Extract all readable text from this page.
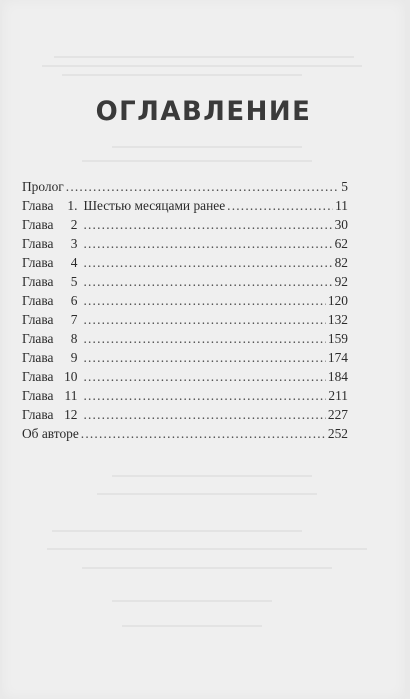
ОГЛАВЛЕНИЕ
Пролог .....	5
Глава	1. Шестью месяцами ранее .....	11
Глава	2 .....	30
Глава	3 .....	62
Глава	4 .....	82
Глава	5 .....	92
Глава	6 .....	120
Глава	7 .....	132
Глава	8 .....	159
Глава	9 .....	174
Глава 10 .....	184
Глава 11 .....	211
Глава 12 .....	227
Об авторе .....	252
